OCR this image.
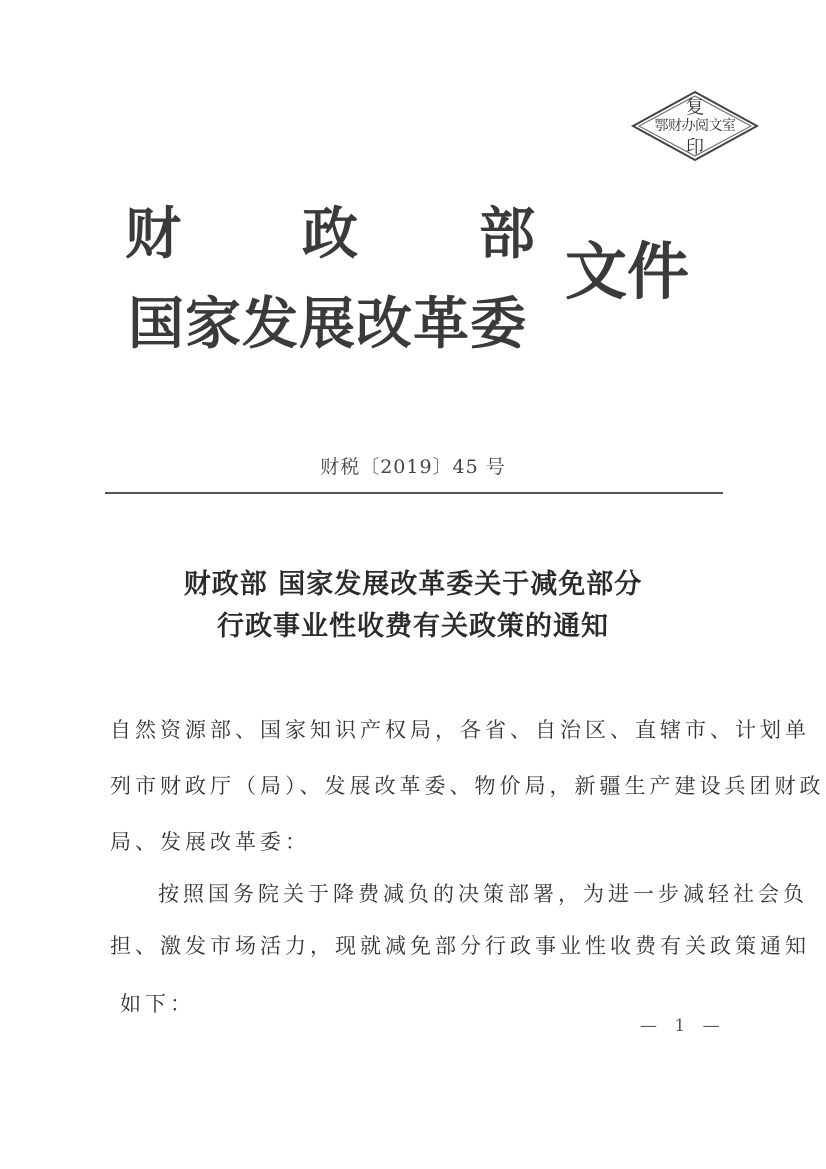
复
鄂财办阅文室
印
财 政 部
国家发展改革委
文件
财税〔2019〕45 号
财政部 国家发展改革委关于减免部分
行政事业性收费有关政策的通知
自然资源部、国家知识产权局，各省、自治区、直辖市、计划单
列市财政厅（局）、发展改革委、物价局，新疆生产建设兵团财政
局、发展改革委：
按照国务院关于降费减负的决策部署，为进一步减轻社会负
担、激发市场活力，现就减免部分行政事业性收费有关政策通知
如下：
— 1 —
